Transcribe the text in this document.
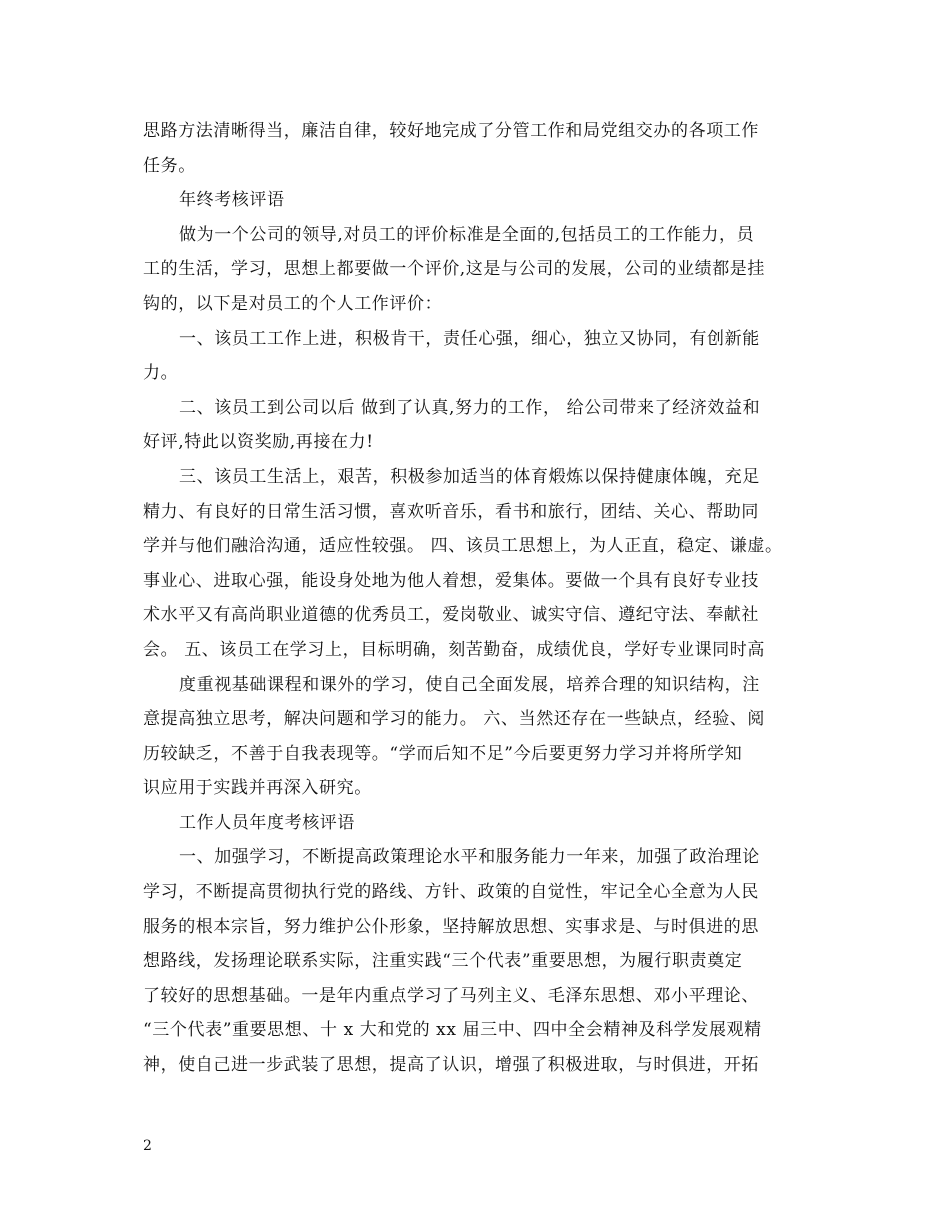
思路方法清晰得当，廉洁自律，较好地完成了分管工作和局党组交办的各项工作
任务。
年终考核评语
做为一个公司的领导,对员工的评价标准是全面的,包括员工的工作能力，员
工的生活，学习，思想上都要做一个评价,这是与公司的发展，公司的业绩都是挂
钩的，以下是对员工的个人工作评价：
一、该员工工作上进，积极肯干，责任心强，细心，独立又协同，有创新能
力。
二、该员工到公司以后 做到了认真,努力的工作， 给公司带来了经济效益和
好评,特此以资奖励,再接在力!
三、该员工生活上，艰苦，积极参加适当的体育煅炼以保持健康体魄，充足
精力、有良好的日常生活习惯，喜欢听音乐，看书和旅行，团结、关心、帮助同
学并与他们融洽沟通，适应性较强。 四、该员工思想上，为人正直，稳定、谦虚。
事业心、进取心强，能设身处地为他人着想，爱集体。要做一个具有良好专业技
术水平又有高尚职业道德的优秀员工，爱岗敬业、诚实守信、遵纪守法、奉献社
会。 五、该员工在学习上，目标明确，刻苦勤奋，成绩优良，学好专业课同时高
度重视基础课程和课外的学习，使自己全面发展，培养合理的知识结构，注
意提高独立思考，解决问题和学习的能力。 六、当然还存在一些缺点，经验、阅
历较缺乏，不善于自我表现等。“学而后知不足”今后要更努力学习并将所学知
识应用于实践并再深入研究。
工作人员年度考核评语
一、加强学习，不断提高政策理论水平和服务能力一年来，加强了政治理论
学习，不断提高贯彻执行党的路线、方针、政策的自觉性，牢记全心全意为人民
服务的根本宗旨，努力维护公仆形象，坚持解放思想、实事求是、与时俱进的思
想路线，发扬理论联系实际，注重实践“三个代表”重要思想，为履行职责奠定
了较好的思想基础。一是年内重点学习了马列主义、毛泽东思想、邓小平理论、
“三个代表”重要思想、十 x 大和党的 xx 届三中、四中全会精神及科学发展观精
神，使自己进一步武装了思想，提高了认识，增强了积极进取，与时俱进，开拓
2
